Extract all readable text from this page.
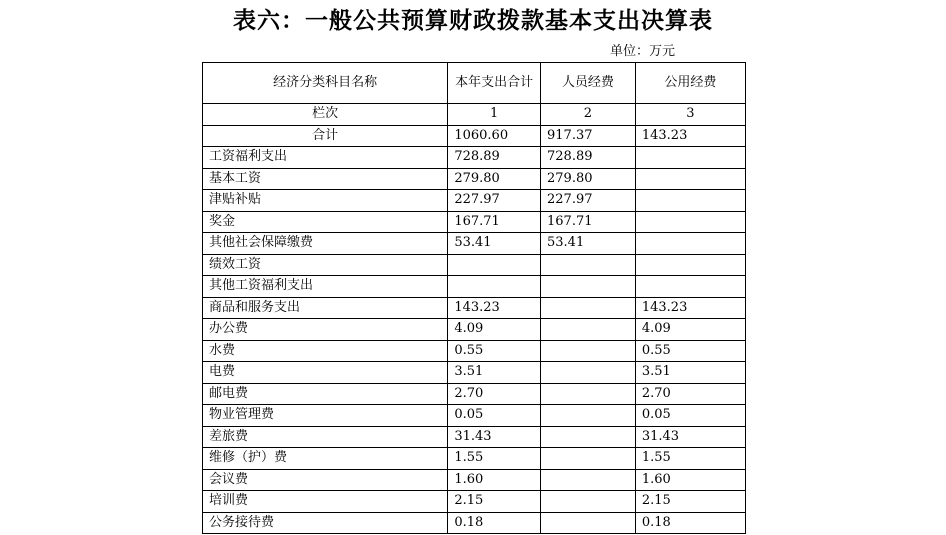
表六：一般公共预算财政拨款基本支出决算表
单位：万元
经济分类科目名称	本年支出合计	人员经费	公用经费
栏次	1	2	3
合计	1060.60	917.37	143.23
工资福利支出	728.89	728.89	
基本工资	279.80	279.80	
津贴补贴	227.97	227.97	
奖金	167.71	167.71	
其他社会保障缴费	53.41	53.41	
绩效工资			
其他工资福利支出			
商品和服务支出	143.23		143.23
办公费	4.09		4.09
水费	0.55		0.55
电费	3.51		3.51
邮电费	2.70		2.70
物业管理费	0.05		0.05
差旅费	31.43		31.43
维修（护）费	1.55		1.55
会议费	1.60		1.60
培训费	2.15		2.15
公务接待费	0.18		0.18
